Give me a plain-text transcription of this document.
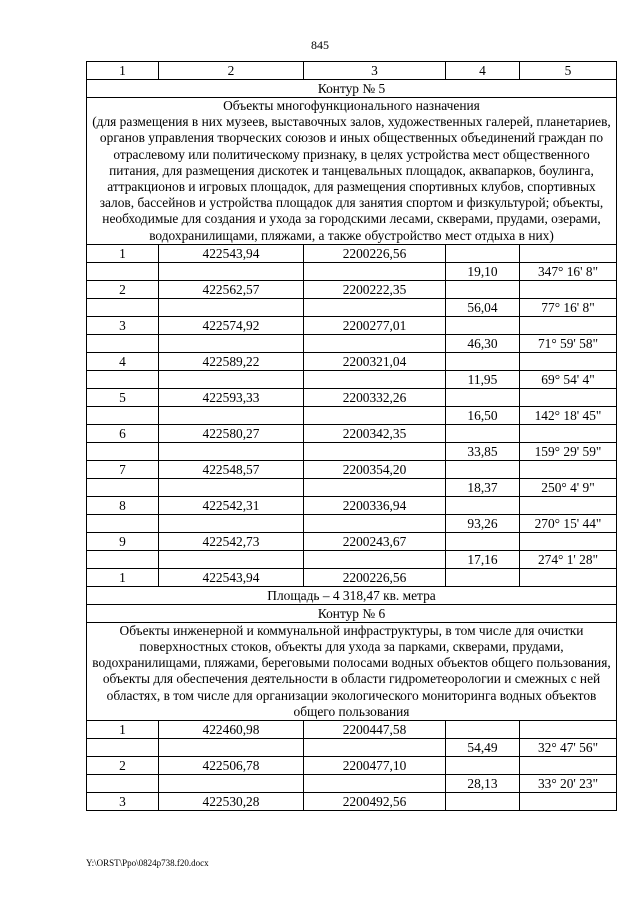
845
1	2	3	4	5
Контур № 5				
Объекты многофункционального назначения
(для размещения в них музеев, выставочных залов, художественных галерей, планетариев, органов управления творческих союзов и иных общественных объединений граждан по отраслевому или политическому признаку, в целях устройства мест общественного питания, для размещения дискотек и танцевальных площадок, аквапарков, боулинга, аттракционов и игровых площадок, для размещения спортивных клубов, спортивных залов, бассейнов и устройства площадок для занятия спортом и физкультурой; объекты, необходимые для создания и ухода за городскими лесами, скверами, прудами, озерами, водохранилищами, пляжами, а также обустройство мест отдыха в них)				
1	422543,94	2200226,56		
			19,10	347° 16' 8"
2	422562,57	2200222,35		
			56,04	77° 16' 8"
3	422574,92	2200277,01		
			46,30	71° 59' 58"
4	422589,22	2200321,04		
			11,95	69° 54' 4"
5	422593,33	2200332,26		
			16,50	142° 18' 45"
6	422580,27	2200342,35		
			33,85	159° 29' 59"
7	422548,57	2200354,20		
			18,37	250° 4' 9"
8	422542,31	2200336,94		
			93,26	270° 15' 44"
9	422542,73	2200243,67		
			17,16	274° 1' 28"
1	422543,94	2200226,56		
Площадь – 4 318,47 кв. метра				
Контур № 6				
Объекты инженерной и коммунальной инфраструктуры, в том числе для очистки поверхностных стоков, объекты для ухода за парками, скверами, прудами, водохранилищами, пляжами, береговыми полосами водных объектов общего пользования, объекты для обеспечения деятельности в области гидрометеорологии и смежных с ней областях, в том числе для организации экологического мониторинга водных объектов общего пользования				
1	422460,98	2200447,58		
			54,49	32° 47' 56"
2	422506,78	2200477,10		
			28,13	33° 20' 23"
3	422530,28	2200492,56		
Y:\ORST\Ppo\0824p738.f20.docx
